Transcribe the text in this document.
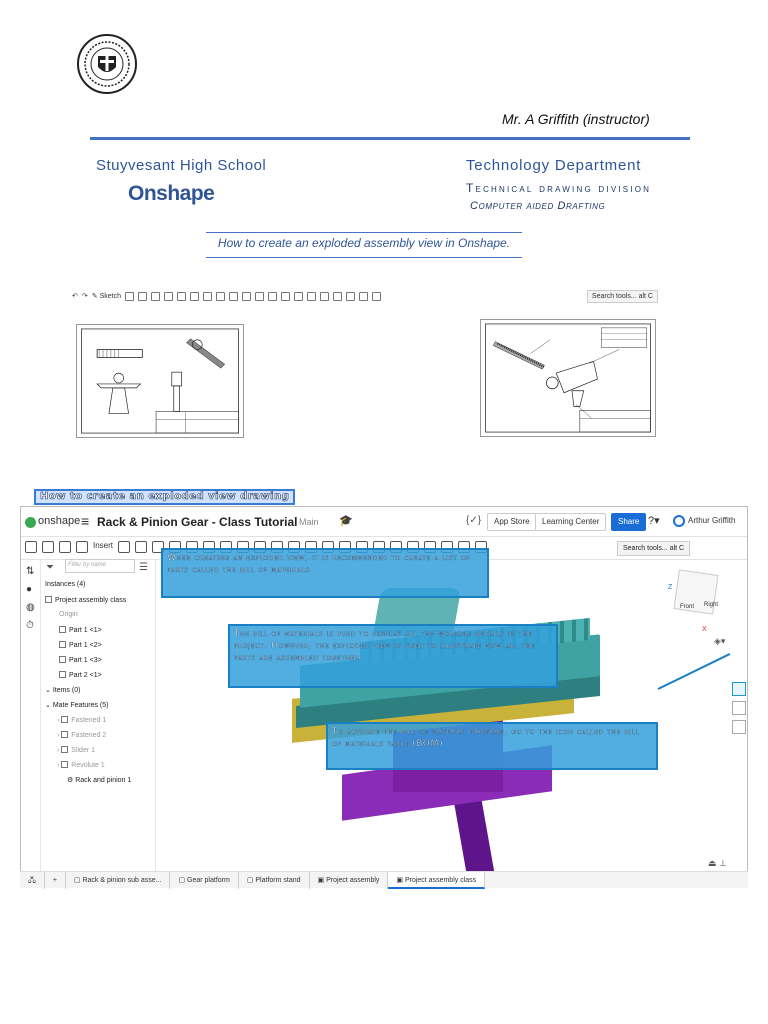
Mr. A Griffith (instructor)
Stuyvesant High School
Onshape
Technology Department
Technical drawing division
Computer aided Drafting
How to create an exploded assembly view in Onshape.
↶ ↷ ✎ Sketch	Search tools... alt C
How to create an exploded view drawing
onshape ≡ Rack & Pinion Gear - Class Tutorial Main 🎓	{✓}	App Store	Learning Center	Share ?▾	Arthur Griffith
Insert	Search tools... alt C
⇅
●
◍
⏱
⏷	Filter by name	☰
Instances (4)
Project assembly class
Origin
Part 1 <1>
Part 1 <2>
Part 1 <3>
Part 2 <1>
⌄ Items (0)
⌄ Mate Features (5)
› Fastened 1
› Fastened 2
› Slider 1
› Revolute 1
⚙ Rack and pinion 1
Front Right
X
Z
◈▾
⏏ ⊥
🖧	+	▢ Rack & pinion sub asse...	▢ Gear platform	▢ Platform stand	▣ Project assembly	▣ Project assembly class
When creating an exploded view, it is recommended to create a list of parts called the bill of materials.
The bill of materials is used to display all the working details in the project. However, the exploded view is used to illustrate how all the parts are assembled together.
To activate the bill of material program, go to the icon called the bill of materials table (BOM)
